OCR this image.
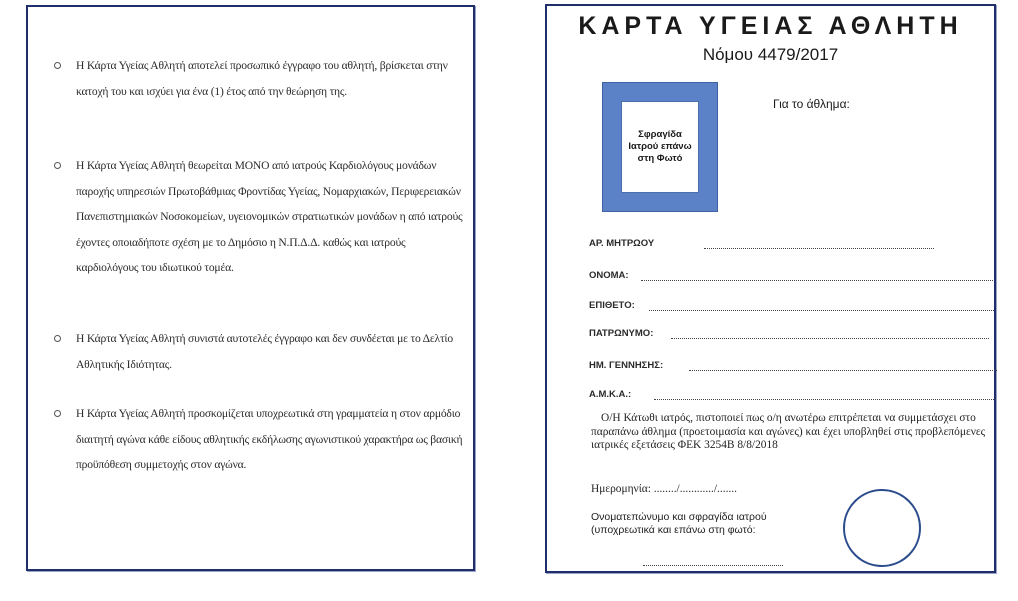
Η Κάρτα Υγείας Αθλητή αποτελεί προσωπικό έγγραφο του αθλητή, βρίσκεται στην κατοχή του και ισχύει για ένα (1) έτος από την θεώρηση της.
Η Κάρτα Υγείας Αθλητή θεωρείται ΜΟΝΟ από ιατρούς Καρδιολόγους μονάδων παροχής υπηρεσιών Πρωτοβάθμιας Φροντίδας Υγείας, Νομαρχιακών, Περιφερειακών Πανεπιστημιακών Νοσοκομείων, υγειονομικών στρατιωτικών μονάδων η από ιατρούς έχοντες οποιαδήποτε σχέση με το Δημόσιο η Ν.Π.Δ.Δ. καθώς και ιατρούς καρδιολόγους του ιδιωτικού τομέα.
Η Κάρτα Υγείας Αθλητή συνιστά αυτοτελές έγγραφο και δεν συνδέεται με το Δελτίο Αθλητικής Ιδιότητας.
Η Κάρτα Υγείας Αθλητή προσκομίζεται υποχρεωτικά στη γραμματεία η στον αρμόδιο διαιτητή αγώνα κάθε είδους αθλητικής εκδήλωσης αγωνιστικού χαρακτήρα ως βασική προϋπόθεση συμμετοχής στον αγώνα.
ΚΑΡΤΑ ΥΓΕΙΑΣ ΑΘΛΗΤΗ
Νόμου 4479/2017
Σφραγίδα Ιατρού επάνω στη Φωτό
Για το άθλημα:
ΑΡ. ΜΗΤΡΩΟΥ
ΟΝΟΜΑ:
ΕΠΙΘΕΤΟ:
ΠΑΤΡΩΝΥΜΟ:
ΗΜ. ΓΕΝΝΗΣΗΣ:
Α.Μ.Κ.Α.:
Ο/Η Κάτωθι ιατρός, πιστοποιεί πως ο/η ανωτέρω επιτρέπεται να συμμετάσχει στο παραπάνω άθλημα (προετοιμασία και αγώνες) και έχει υποβληθεί στις προβλεπόμενες ιατρικές εξετάσεις ΦΕΚ 3254Β 8/8/2018
Ημερομηνία: ......../............/.......
Ονοματεπώνυμο και σφραγίδα ιατρού (υποχρεωτικά και επάνω στη φωτό:
